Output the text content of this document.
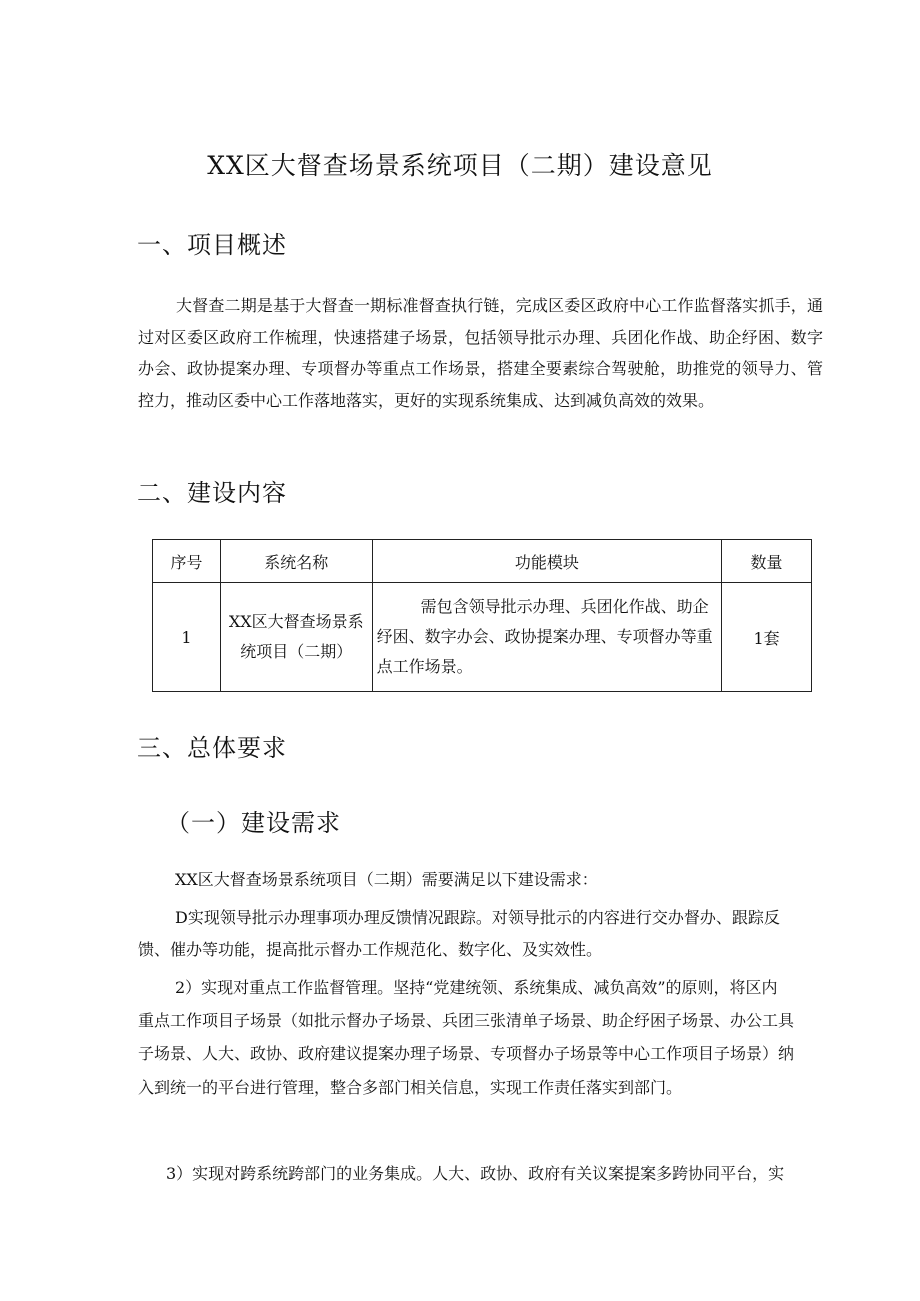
XX区大督查场景系统项目（二期）建设意见
一、项目概述

大督查二期是基于大督查一期标准督查执行链，完成区委区政府中心工作监督落实抓手，通过对区委区政府工作梳理，快速搭建子场景，包括领导批示办理、兵团化作战、助企纾困、数字办会、政协提案办理、专项督办等重点工作场景，搭建全要素综合驾驶舱，助推党的领导力、管控力，推动区委中心工作落地落实，更好的实现系统集成、达到减负高效的效果。

二、建设内容
序号	系统名称	功能模块	数量
1	XX区大督查场景系统项目（二期）	需包含领导批示办理、兵团化作战、助企纾困、数字办会、政协提案办理、专项督办等重点工作场景。	1套
三、总体要求
（一）建设需求

XX区大督查场景系统项目（二期）需要满足以下建设需求：

D实现领导批示办理事项办理反馈情况跟踪。对领导批示的内容进行交办督办、跟踪反

馈、催办等功能，提高批示督办工作规范化、数字化、及实效性。

2）实现对重点工作监督管理。坚持“党建统领、系统集成、减负高效”的原则，将区内

重点工作项目子场景（如批示督办子场景、兵团三张清单子场景、助企纾困子场景、办公工具

子场景、人大、政协、政府建议提案办理子场景、专项督办子场景等中心工作项目子场景）纳

入到统一的平台进行管理，整合多部门相关信息，实现工作责任落实到部门。

3）实现对跨系统跨部门的业务集成。人大、政协、政府有关议案提案多跨协同平台，实
